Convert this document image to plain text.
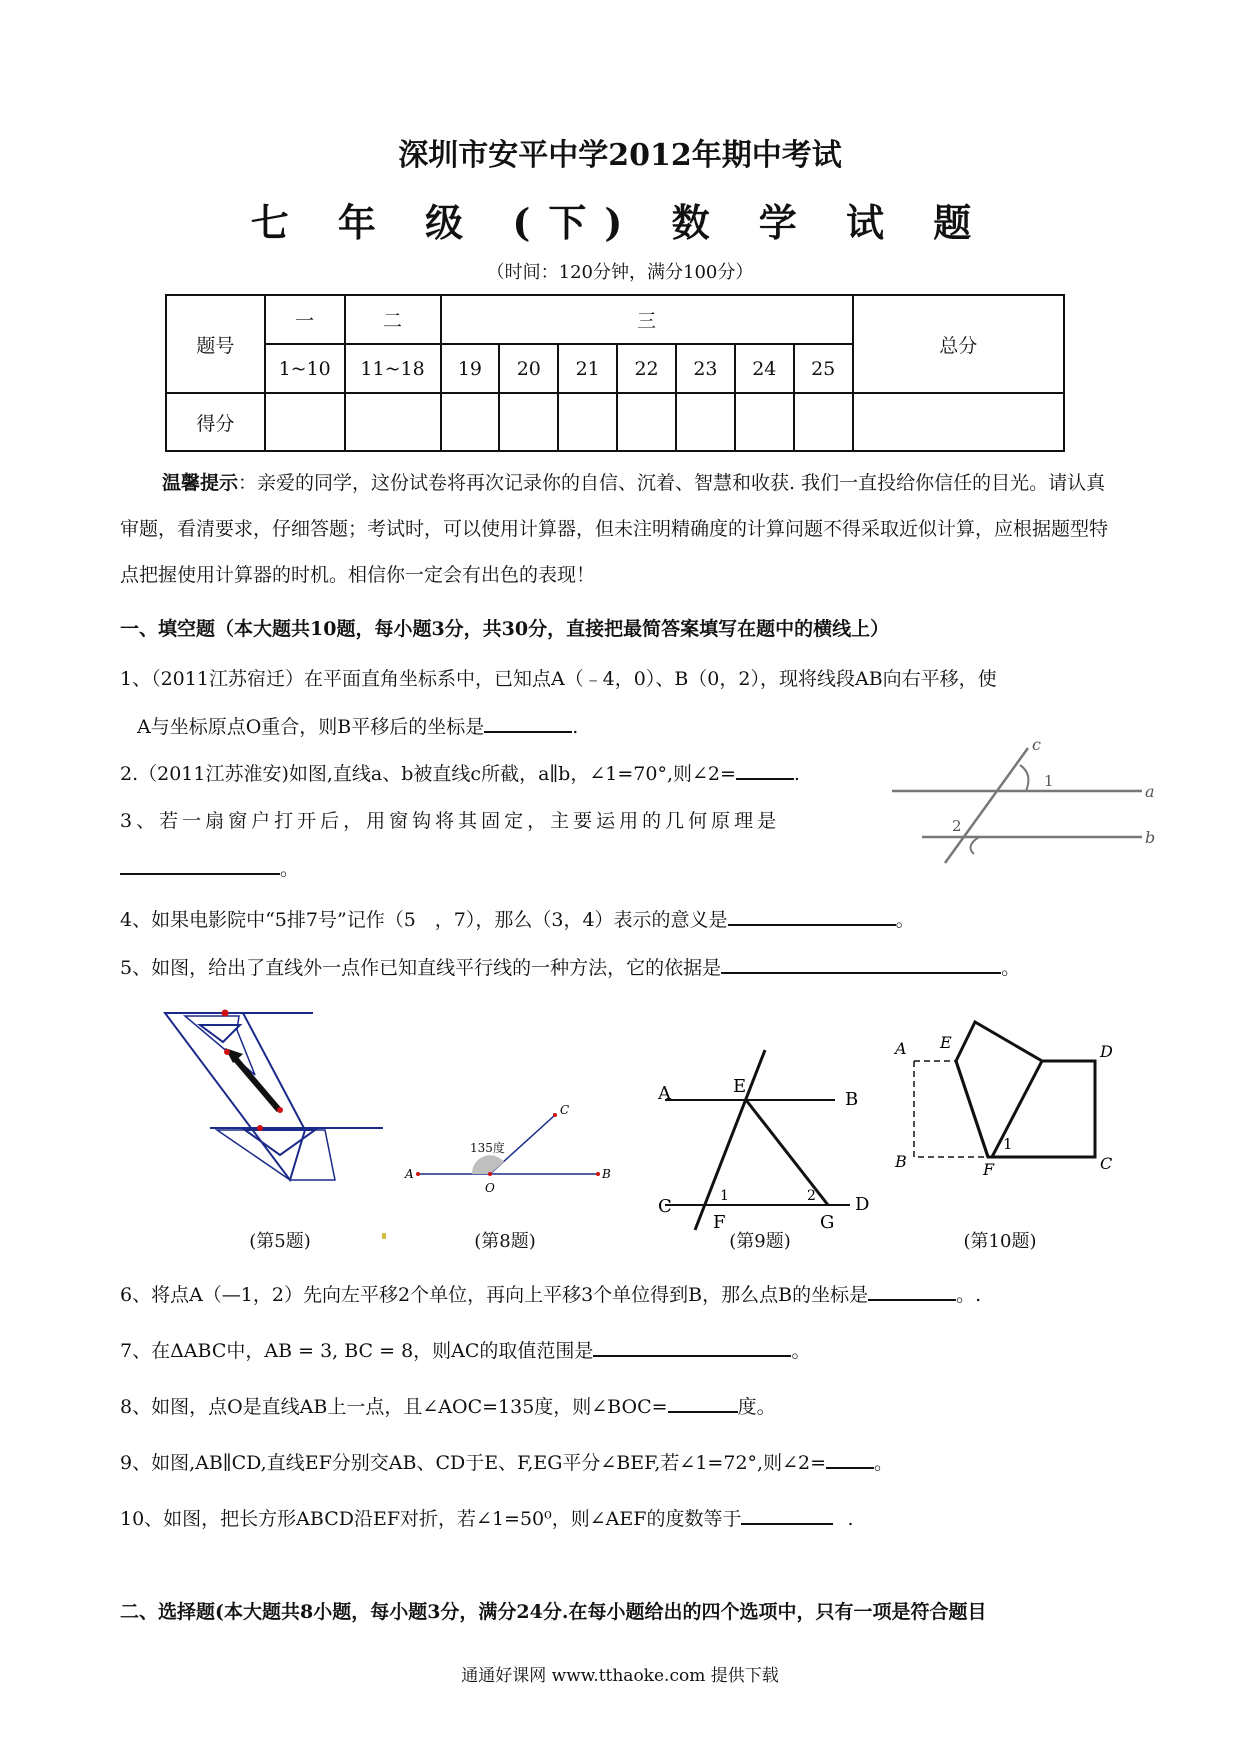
深圳市安平中学2012年期中考试
七 年 级 (下) 数 学 试 题
（时间：120分钟，满分100分）
题号	一	二	三							总分
	1~10	11~18	19	20	21	22	23	24	25	
得分										
温馨提示：亲爱的同学，这份试卷将再次记录你的自信、沉着、智慧和收获. 我们一直投给你信任的目光。请认真审题，看清要求，仔细答题；考试时，可以使用计算器，但未注明精确度的计算问题不得采取近似计算，应根据题型特点把握使用计算器的时机。相信你一定会有出色的表现！
一、填空题（本大题共10题，每小题3分，共30分，直接把最简答案填写在题中的横线上）
1、（2011江苏宿迁）在平面直角坐标系中，已知点A（﹣4，0）、B（0，2），现将线段AB向右平移，使
A与坐标原点O重合，则B平移后的坐标是	.
2.（2011江苏淮安)如图,直线a、b被直线c所截，a∥b，∠1=70°,则∠2=	.
3、若一扇窗户打开后，用窗钩将其固定，主要运用的几何原理是
。
c
a
b
1
2
4、如果电影院中“5排7号”记作（5　，7），那么（3，4）表示的意义是	。
5、如图，给出了直线外一点作已知直线平行线的一种方法，它的依据是	。
135度
A
O
B
C
A	E
B
C
F	G
D
1	2
A E	D
B	F	C
1
(第5题)	(第8题)	(第9题)	(第10题)
6、将点A（—1，2）先向左平移2个单位，再向上平移3个单位得到B，那么点B的坐标是	。.
7、在ΔABC中，AB = 3, BC = 8，则AC的取值范围是	。
8、如图，点O是直线AB上一点，且∠AOC=135度，则∠BOC=	度。
9、如图,AB∥CD,直线EF分别交AB、CD于E、F,EG平分∠BEF,若∠1=72°,则∠2=	。
10、如图，把长方形ABCD沿EF对折，若∠1=50⁰，则∠AEF的度数等于	.
二、选择题(本大题共8小题，每小题3分，满分24分.在每小题给出的四个选项中，只有一项是符合题目
通通好课网 www.tthaoke.com 提供下载
